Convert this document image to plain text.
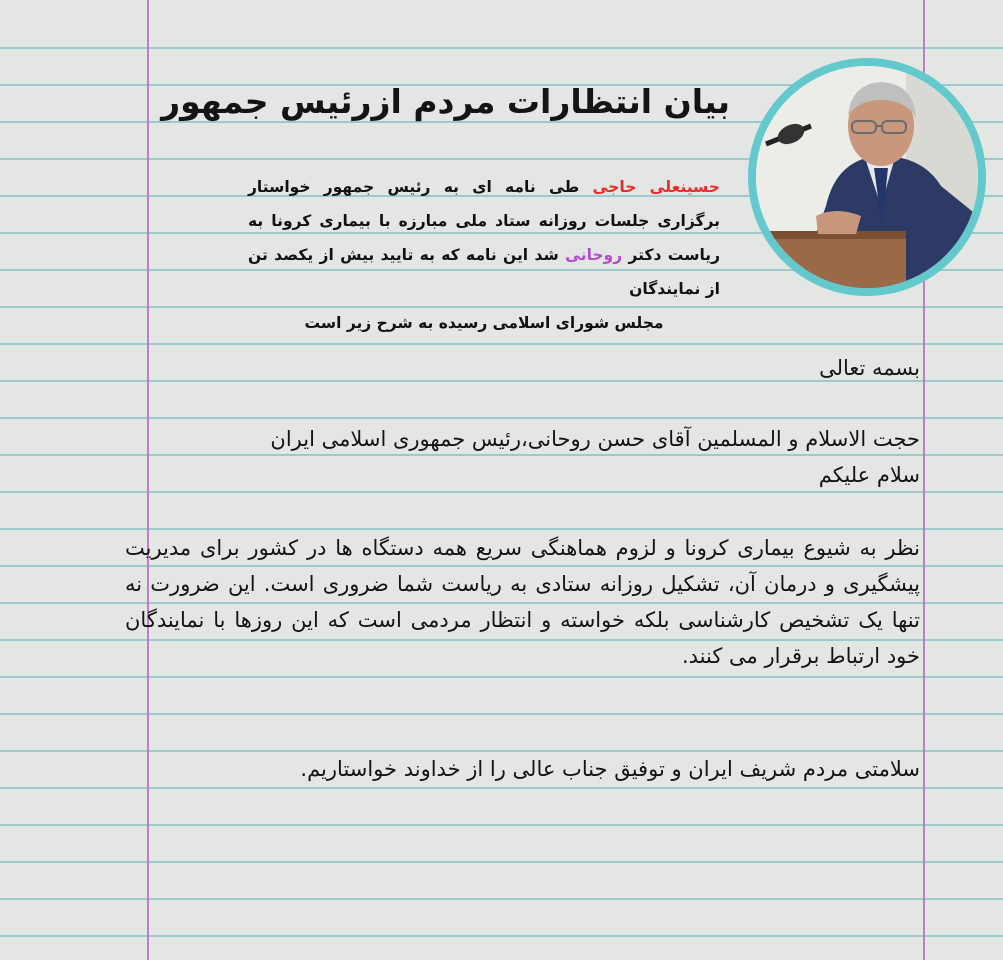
بیان انتظارات مردم ازرئیس جمهور
حسینعلی حاجی طی نامه ای به رئیس جمهور خواستار برگزاری جلسات روزانه ستاد ملی مبارزه با بیماری کرونا به ریاست دکتر روحانی شد این نامه که به تایید بیش از یکصد تن از نمایندگان
مجلس شورای اسلامی رسیده به شرح زیر است
بسمه تعالی
حجت الاسلام و المسلمین آقای حسن روحانی،رئیس جمهوری اسلامی ایران
سلام علیکم
نظر به شیوع بیماری کرونا و لزوم هماهنگی سریع همه دستگاه ها در کشور برای مدیریت پیشگیری و درمان آن، تشکیل روزانه ستادی به ریاست شما ضروری است. این ضرورت نه تنها یک تشخیص کارشناسی بلکه خواسته و انتظار مردمی است که این روزها با نمایندگان خود ارتباط برقرار می کنند.
سلامتی مردم شریف ایران و توفیق جناب عالی را از خداوند خواستاریم.
